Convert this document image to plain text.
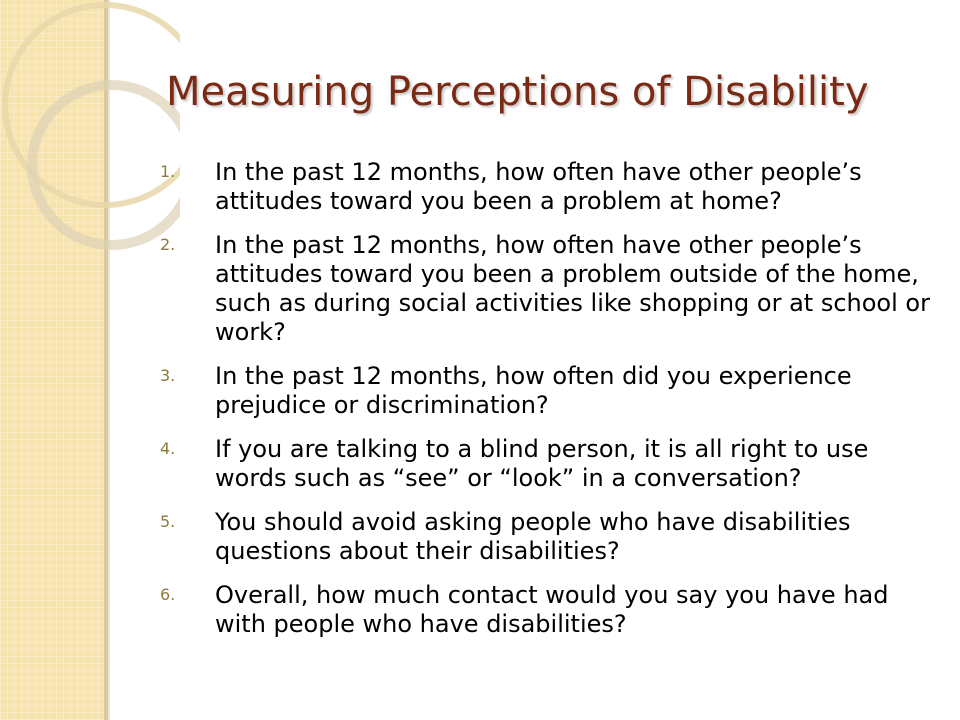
Measuring Perceptions of Disability
1. In the past 12 months, how often have other people’s attitudes toward you been a problem at home?
2. In the past 12 months, how often have other people’s attitudes toward you been a problem outside of the home, such as during social activities like shopping or at school or work?
3. In the past 12 months, how often did you experience prejudice or discrimination?
4. If you are talking to a blind person, it is all right to use words such as “see” or “look” in a conversation?
5. You should avoid asking people who have disabilities questions about their disabilities?
6. Overall, how much contact would you say you have had with people who have disabilities?
